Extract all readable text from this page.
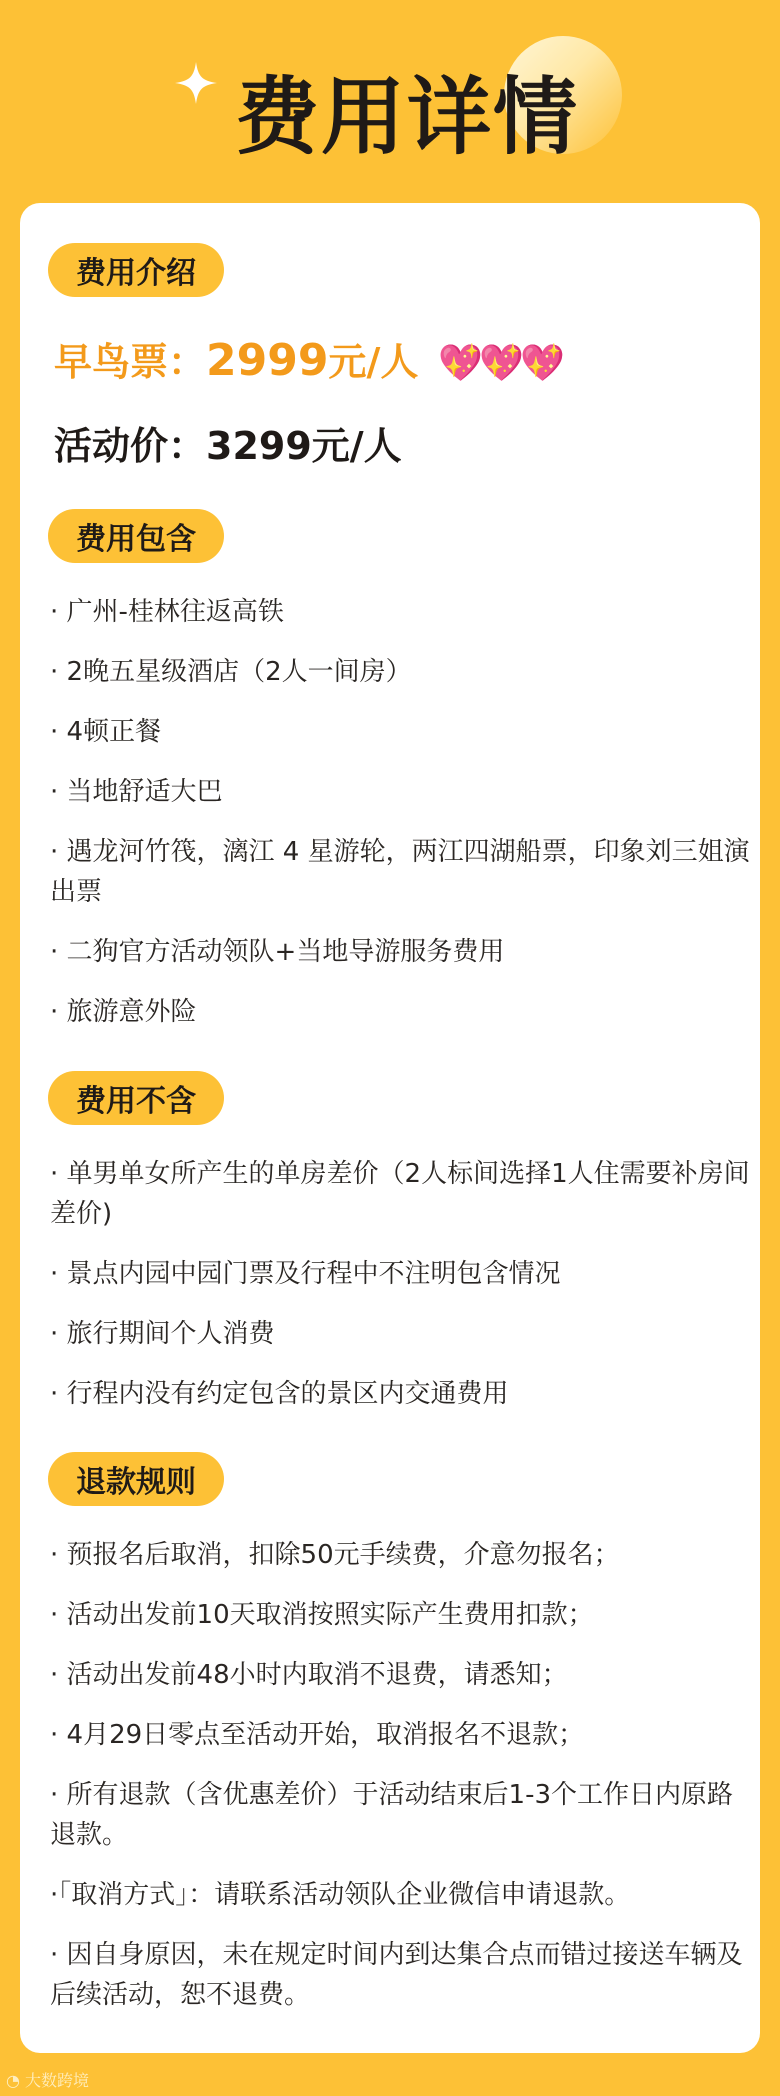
费用详情
费用介绍
早鸟票： 2999 元/人 💖💖💖
活动价： 3299 元/人
费用包含
· 广州-桂林往返高铁
· 2晚五星级酒店（2人一间房）
· 4顿正餐
· 当地舒适大巴
· 遇龙河竹筏，漓江 4 星游轮，两江四湖船票，印象刘三姐演出票
· 二狗官方活动领队+当地导游服务费用
· 旅游意外险
费用不含
· 单男单女所产生的单房差价（2人标间选择1人住需要补房间差价)
· 景点内园中园门票及行程中不注明包含情况
· 旅行期间个人消费
· 行程内没有约定包含的景区内交通费用
退款规则
· 预报名后取消，扣除50元手续费，介意勿报名；
· 活动出发前10天取消按照实际产生费用扣款；
· 活动出发前48小时内取消不退费，请悉知；
· 4月29日零点至活动开始，取消报名不退款；
· 所有退款（含优惠差价）于活动结束后1-3个工作日内原路退款。
·「取消方式」：请联系活动领队企业微信申请退款。
· 因自身原因，未在规定时间内到达集合点而错过接送车辆及后续活动，恕不退费。
◔ 大数跨境
